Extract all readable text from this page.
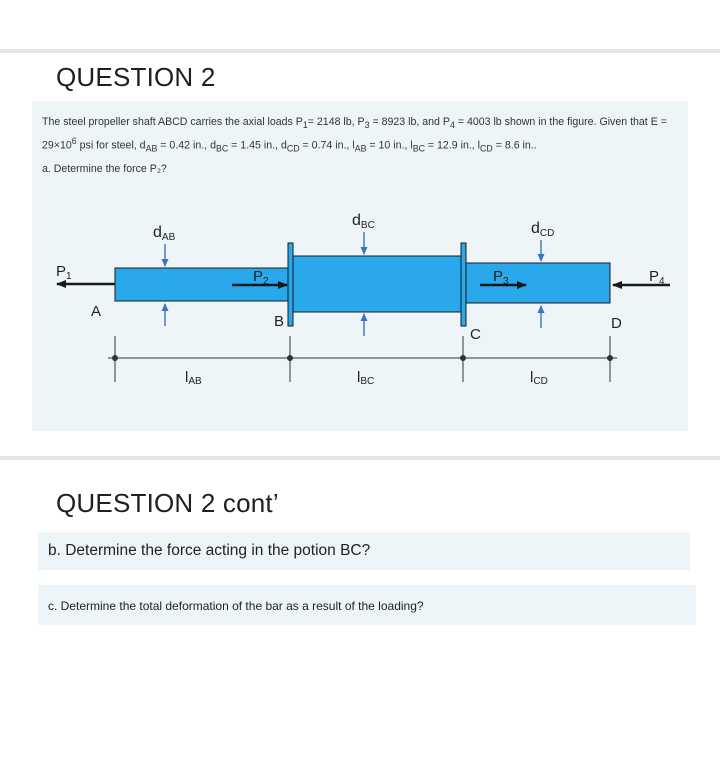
QUESTION 2
The steel propeller shaft ABCD carries the axial loads $P_1= 2148$ lb, $P_3 = 8923$ lb, and $P_4 = 4003$ lb shown in the figure. Given that $E = 29\times 10^6$ psi for steel, $d_{AB} = 0.42$ in., $d_{BC} = 1.45$ in., $d_{CD} = 0.74$ in., $l_{AB} = 10$ in., $l_{BC} = 12.9$ in., $l_{CD} = 8.6$ in..
a. Determine the force P₂?
dAB
dBC	dCD
$P_1$	$P_2$	$P_3$	$P_4$
A
B
C
D
lAB	lBC	lCD
QUESTION 2 cont’
b. Determine the force acting in the potion BC?
c. Determine the total deformation of the bar as a result of the loading?
